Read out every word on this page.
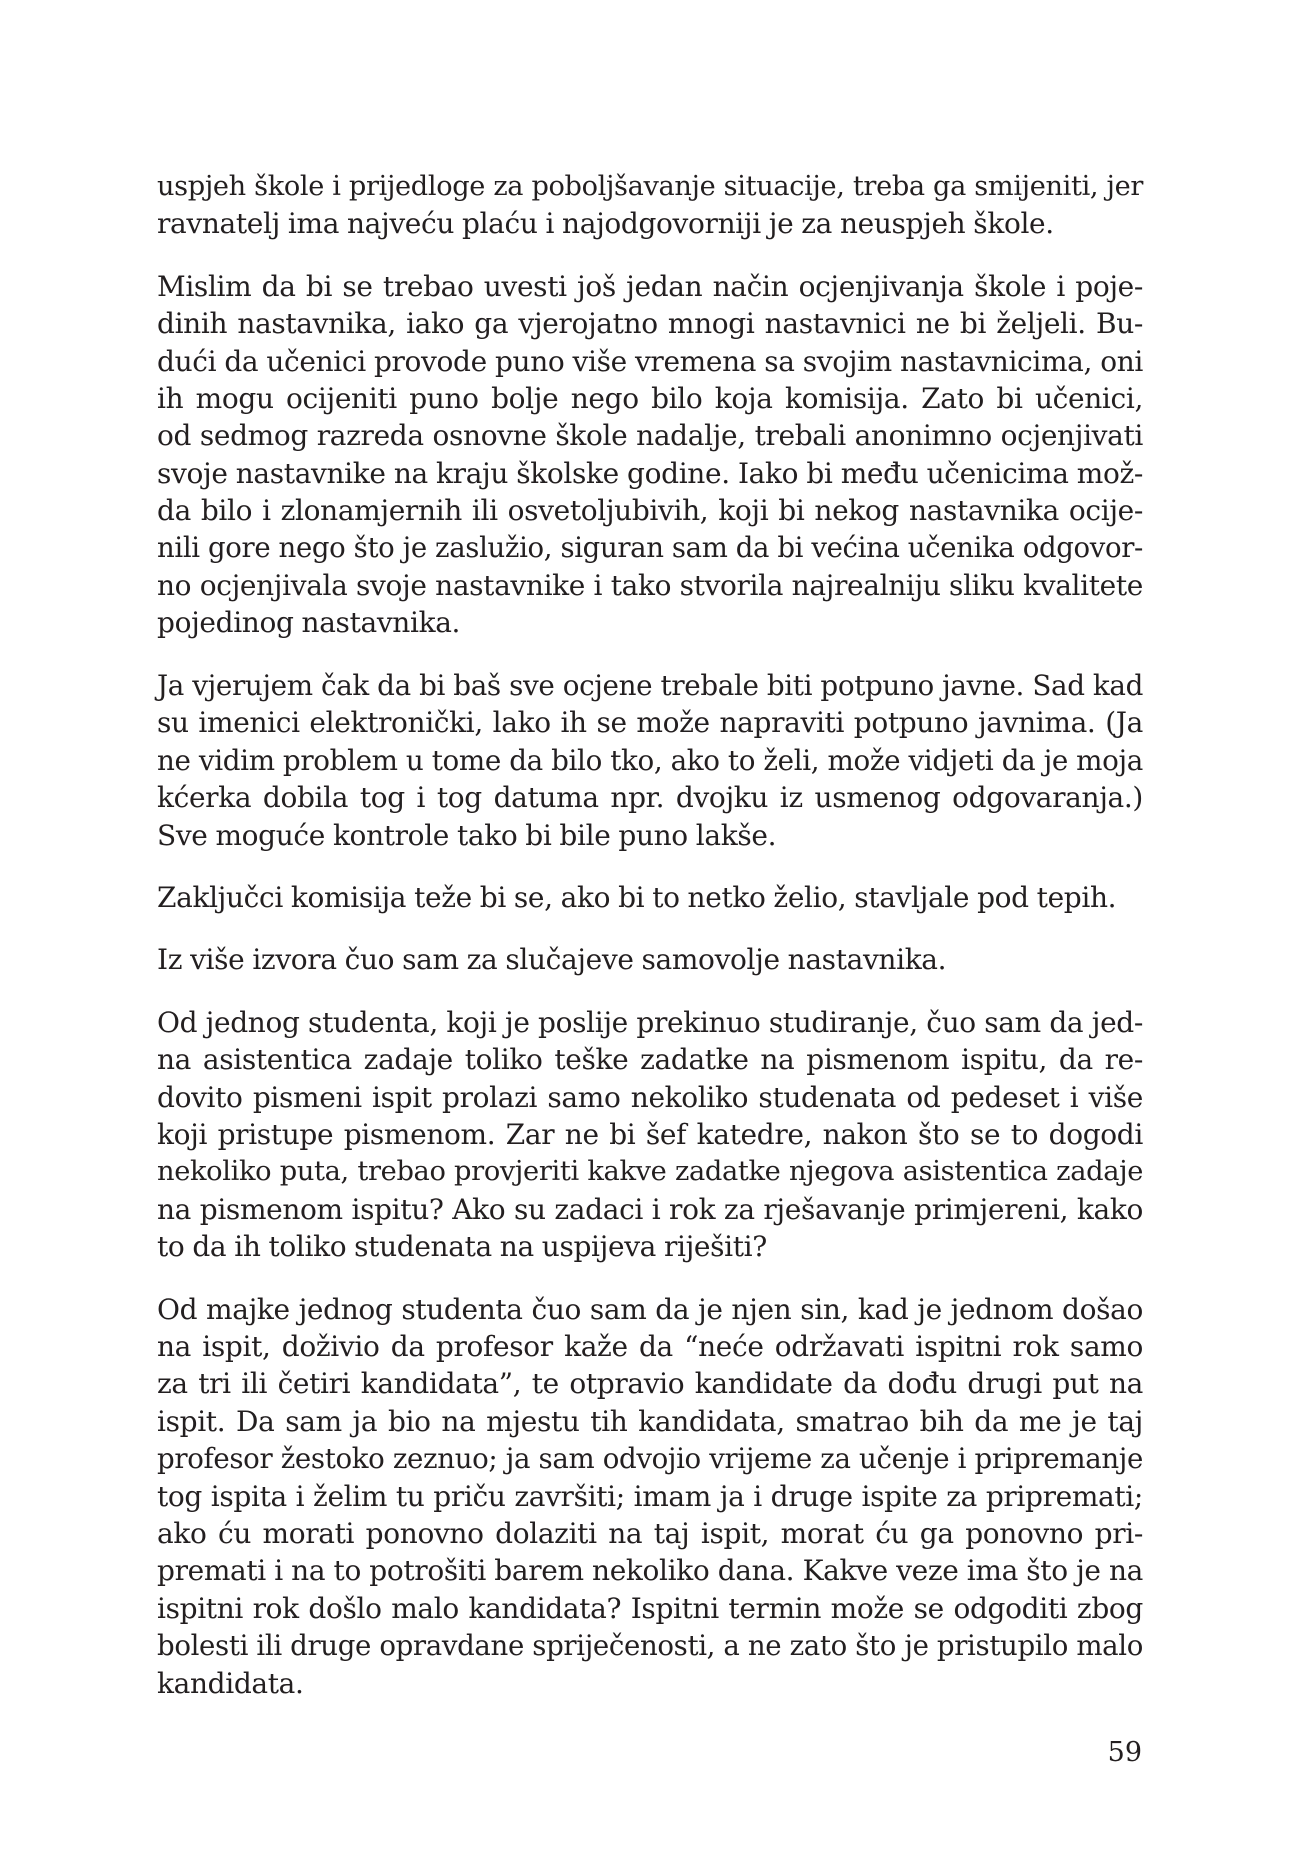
uspjeh škole i prijedloge za poboljšavanje situacije, treba ga smijeniti, jer
ravnatelj ima najveću plaću i najodgovorniji je za neuspjeh škole.

Mislim da bi se trebao uvesti još jedan način ocjenjivanja škole i poje-
dinih nastavnika, iako ga vjerojatno mnogi nastavnici ne bi željeli. Bu-
dući da učenici provode puno više vremena sa svojim nastavnicima, oni
ih mogu ocijeniti puno bolje nego bilo koja komisija. Zato bi učenici,
od sedmog razreda osnovne škole nadalje, trebali anonimno ocjenjivati
svoje nastavnike na kraju školske godine. Iako bi među učenicima mož-
da bilo i zlonamjernih ili osvetoljubivih, koji bi nekog nastavnika ocije-
nili gore nego što je zaslužio, siguran sam da bi većina učenika odgovor-
no ocjenjivala svoje nastavnike i tako stvorila najrealniju sliku kvalitete
pojedinog nastavnika.

Ja vjerujem čak da bi baš sve ocjene trebale biti potpuno javne. Sad kad
su imenici elektronički, lako ih se može napraviti potpuno javnima. (Ja
ne vidim problem u tome da bilo tko, ako to želi, može vidjeti da je moja
kćerka dobila tog i tog datuma npr. dvojku iz usmenog odgovaranja.)
Sve moguće kontrole tako bi bile puno lakše.

Zaključci komisija teže bi se, ako bi to netko želio, stavljale pod tepih.

Iz više izvora čuo sam za slučajeve samovolje nastavnika.

Od jednog studenta, koji je poslije prekinuo studiranje, čuo sam da jed-
na asistentica zadaje toliko teške zadatke na pismenom ispitu, da re-
dovito pismeni ispit prolazi samo nekoliko studenata od pedeset i više
koji pristupe pismenom. Zar ne bi šef katedre, nakon što se to dogodi
nekoliko puta, trebao provjeriti kakve zadatke njegova asistentica zadaje
na pismenom ispitu? Ako su zadaci i rok za rješavanje primjereni, kako
to da ih toliko studenata na uspijeva riješiti?

Od majke jednog studenta čuo sam da je njen sin, kad je jednom došao
na ispit, doživio da profesor kaže da “neće održavati ispitni rok samo
za tri ili četiri kandidata”, te otpravio kandidate da dođu drugi put na
ispit. Da sam ja bio na mjestu tih kandidata, smatrao bih da me je taj
profesor žestoko zeznuo; ja sam odvojio vrijeme za učenje i pripremanje
tog ispita i želim tu priču završiti; imam ja i druge ispite za pripremati;
ako ću morati ponovno dolaziti na taj ispit, morat ću ga ponovno pri-
premati i na to potrošiti barem nekoliko dana. Kakve veze ima što je na
ispitni rok došlo malo kandidata? Ispitni termin može se odgoditi zbog
bolesti ili druge opravdane spriječenosti, a ne zato što je pristupilo malo
kandidata.

59
